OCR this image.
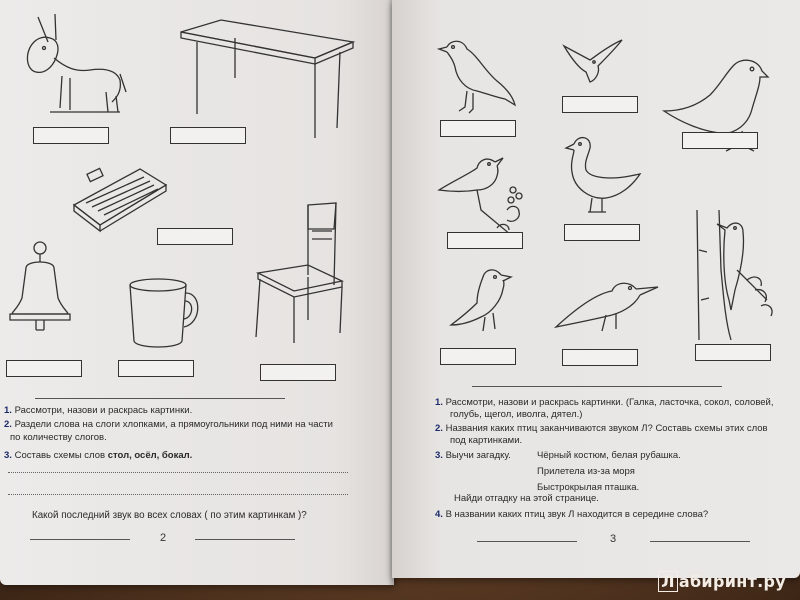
1. Рассмотри, назови и раскрась картинки.
2. Раздели слова на слоги хлопками, а прямоугольники под ними на части
по количеству слогов.
3. Составь схемы слов стол, осёл, бокал.
Какой последний звук во всех словах ( по этим картинкам )?
2
1. Рассмотри, назови и раскрась картинки. (Галка, ласточка, сокол, соловей,
голубь, щегол, иволга, дятел.)
2. Названия каких птиц заканчиваются звуком Л? Составь схемы этих слов
под картинками.
3. Выучи загадку.	Чёрный костюм, белая рубашка.
Прилетела из-за моря
Быстрокрылая пташка.
Найди отгадку на этой странице.
4. В названии каких птиц звук Л находится в середине слова?
3
Л абиринт.ру
